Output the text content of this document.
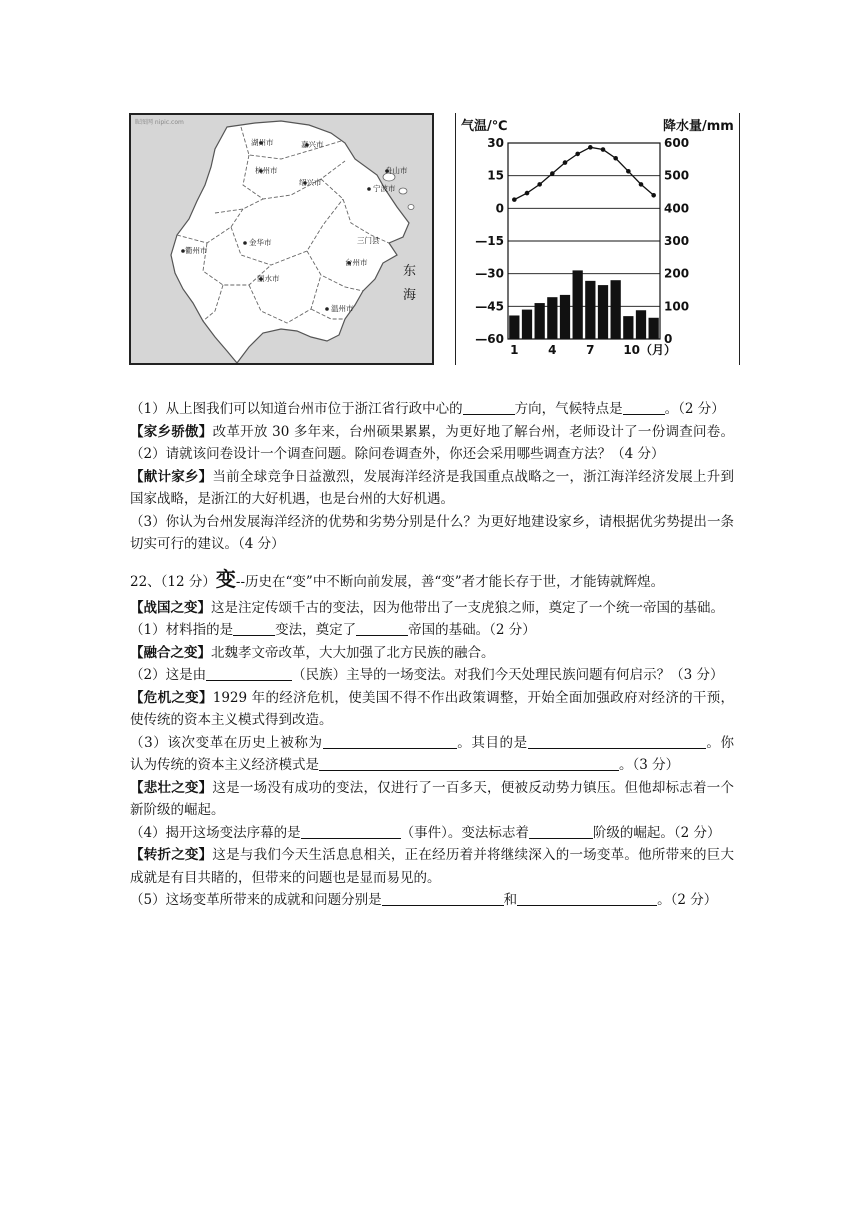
昵图网 nipic.com
湖州市	嘉兴市
杭州市
绍兴市
舟山市
宁波市
衢州市
金华市	三门县
台州市
丽水市
温州市
东
海
气温/℃	降水量/mm
30	600
15	500
0	400
—15	300
—30	200
—45	100
—60	0
1 4 7 10（月）

（1）从上图我们可以知道台州市位于浙江省行政中心的	方向，气候特点是	。（2 分）

【家乡骄傲】改革开放 30 多年来，台州硕果累累，为更好地了解台州，老师设计了一份调查问卷。（2）请就该问卷设计一个调查问题。除问卷调查外，你还会采用哪些调查方法？（4 分）

【献计家乡】当前全球竞争日益激烈，发展海洋经济是我国重点战略之一，浙江海洋经济发展上升到国家战略，是浙江的大好机遇，也是台州的大好机遇。

（3）你认为台州发展海洋经济的优势和劣势分别是什么？为更好地建设家乡，请根据优劣势提出一条切实可行的建议。（4 分）

22、（12 分）变--历史在“变”中不断向前发展，善“变”者才能长存于世，才能铸就辉煌。

【战国之变】这是注定传颂千古的变法，因为他带出了一支虎狼之师，奠定了一个统一帝国的基础。

（1）材料指的是	变法，奠定了	帝国的基础。（2 分）

【融合之变】北魏孝文帝改革，大大加强了北方民族的融合。

（2）这是由	（民族）主导的一场变法。对我们今天处理民族问题有何启示？（3 分）

【危机之变】1929 年的经济危机，使美国不得不作出政策调整，开始全面加强政府对经济的干预，使传统的资本主义模式得到改造。

（3）该次变革在历史上被称为	。其目的是	。你认为传统的资本主义经济模式是	。（3 分）

【悲壮之变】这是一场没有成功的变法，仅进行了一百多天，便被反动势力镇压。但他却标志着一个新阶级的崛起。

（4）揭开这场变法序幕的是	（事件）。变法标志着	阶级的崛起。（2 分）

【转折之变】这是与我们今天生活息息相关，正在经历着并将继续深入的一场变革。他所带来的巨大成就是有目共睹的，但带来的问题也是显而易见的。

（5）这场变革所带来的成就和问题分别是	和	。（2 分）
